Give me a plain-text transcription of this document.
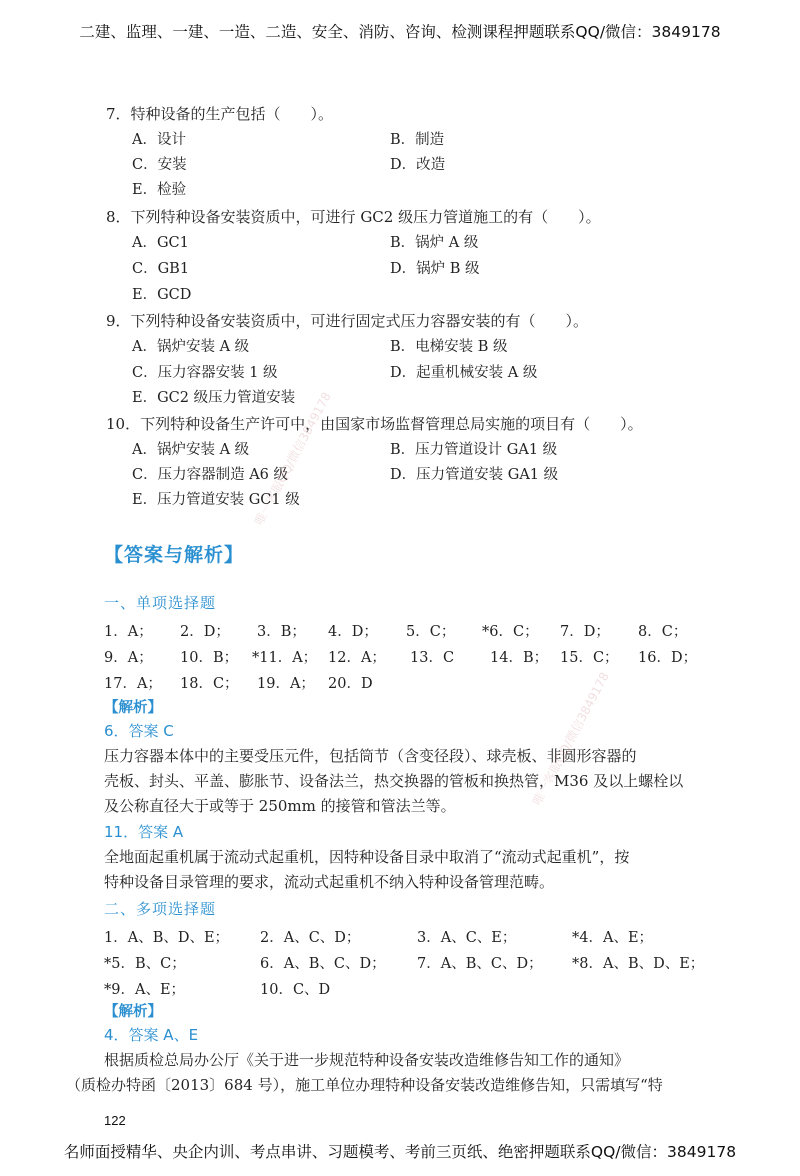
二建、监理、一建、一造、二造、安全、消防、咨询、检测课程押题联系QQ/微信：3849178
7．特种设备的生产包括（　　）。
A．设计	B．制造
C．安装	D．改造
E．检验
8．下列特种设备安装资质中，可进行 GC2 级压力管道施工的有（　　）。
A．GC1	B．锅炉 A 级
C．GB1	D．锅炉 B 级
E．GCD
9．下列特种设备安装资质中，可进行固定式压力容器安装的有（　　）。
A．锅炉安装 A 级	B．电梯安装 B 级
C．压力容器安装 1 级	D．起重机械安装 A 级
E．GC2 级压力管道安装
10．下列特种设备生产许可中，由国家市场监督管理总局实施的项目有（　　）。
A．锅炉安装 A 级	B．压力管道设计 GA1 级
C．压力容器制造 A6 级	D．压力管道安装 GA1 级
E．压力管道安装 GC1 级
【答案与解析】
一、单项选择题
1．A； 2．D； 3．B； 4．D； 5．C； *6．C； 7．D； 8．C；
9．A； 10．B； *11．A； 12．A； 13．C 14．B； 15．C； 16．D；
17．A； 18．C； 19．A； 20．D
【解析】
6．答案 C

压力容器本体中的主要受压元件，包括筒节（含变径段）、球壳板、非圆形容器的

壳板、封头、平盖、膨胀节、设备法兰，热交换器的管板和换热管，M36 及以上螺栓以

及公称直径大于或等于 250mm 的接管和管法兰等。

11．答案 A

全地面起重机属于流动式起重机，因特种设备目录中取消了“流动式起重机”，按

特种设备目录管理的要求，流动式起重机不纳入特种设备管理范畴。

二、多项选择题
1．A、B、D、E； 2．A、C、D；	3．A、C、E；	*4．A、E；
*5．B、C；	6．A、B、C、D； 7．A、B、C、D； *8．A、B、D、E；
*9．A、E；	10．C、D
【解析】
4．答案 A、E

根据质检总局办公厅《关于进一步规范特种设备安装改造维修告知工作的通知》

（质检办特函〔2013〕684 号），施工单位办理特种设备安装改造维修告知，只需填写“特

122
名师面授精华、央企内训、考点串讲、习题模考、考前三页纸、绝密押题联系QQ/微信：3849178
唯一客服QQ/微信3849178
唯一客服QQ/微信3849178
